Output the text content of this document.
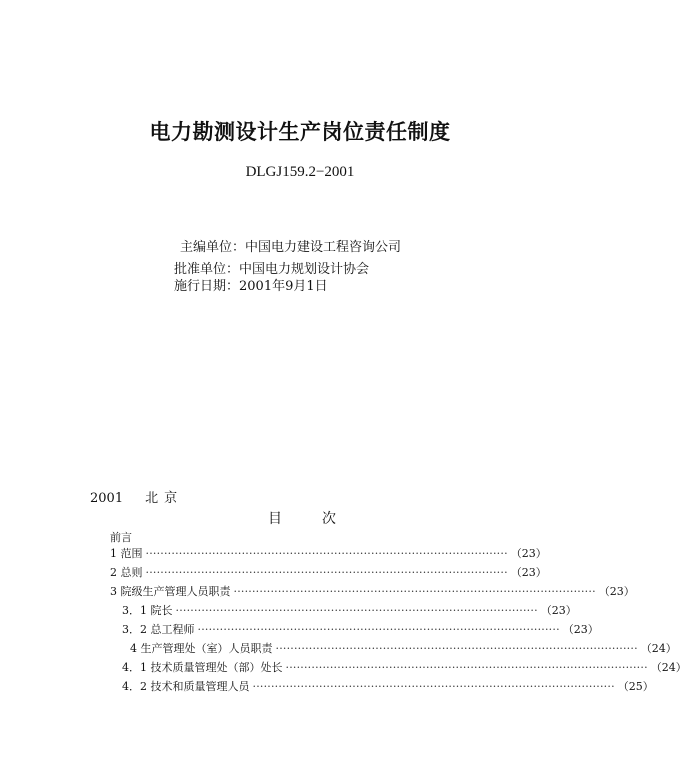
电力勘测设计生产岗位责任制度
DLGJ159.2−2001
主编单位：中国电力建设工程咨询公司
批准单位：中国电力规划设计协会
施行日期：2001年9月1日
2001 北京
目	次
前言
1 范围 ·································································································· （23）
2 总则 ·································································································· （23）
3 院级生产管理人员职责 ·································································································· （23）
3．1 院长 ·································································································· （23）
3．2 总工程师 ·································································································· （23）
4 生产管理处（室）人员职责 ·································································································· （24）
4．1 技术质量管理处（部）处长 ·································································································· （24）
4．2 技术和质量管理人员 ·································································································· （25）
